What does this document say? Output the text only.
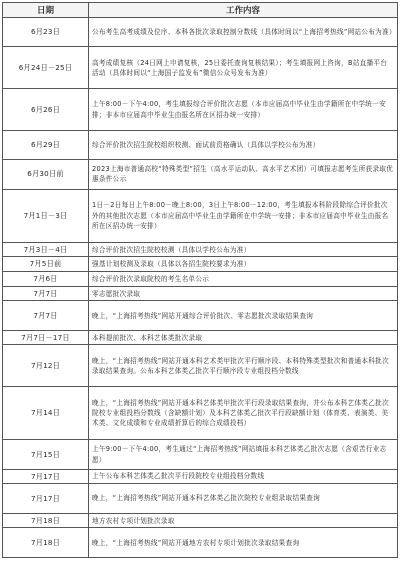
日期	工作内容
6月23日	公布考生高考成绩及位序、本科各批次录取控制分数线（具体时间以“上海招考热线”网站公布为准）
6月24日－25日	高考成绩复核（24日网上申请复核，25日委托查询复核结果）；考生填报网上咨询，B站直播平台活动（具体时间以“上海国子监发布”微信公众号发布为准）
6月26日	上午8:00－下午4:00，考生填报综合评价批次志愿（本市应届高中毕业生由学籍所在中学统一安排；非本市应届高中毕业生由报名所在区招办统一安排）
6月29日	综合评价批次招生院校组织校测、面试前资格确认（具体以学校公布为准）
6月30日前	2023上海市普通高校“特殊类型”招生（高水平运动队、高水平艺术团）可填报志愿考生所获录取优惠条件公示
7月1日－3日	1日－2日每日上午8:00－晚上8:00，3日上午8:00－12:00，考生填报本科阶段除综合评价批次外的其他批次志愿（本市应届高中毕业生由学籍所在中学统一安排；非本市应届高中毕业生由报名所在区招办统一安排）
7月3日－4日	综合评价批次招生院校校测（具体以学校公布为准）
7月5日前	强基计划校测及录取（具体以各招生院校要求为准）
7月6日	综合评价批次录取院校的考生名单公示
7月7日	零志愿批次录取
7月7日	晚上，“上海招考热线”网站开通综合评价批次、零志愿批次录取结果查询
7月7日－17日	本科提前批次、本科艺体类批次录取
7月12日	晚上，“上海招考热线”网站开通本科艺术类甲批次平行顺序段、本科特殊类型批次和普通本科批次录取结果查询。公布本科艺体类乙批次平行顺序段专业组投档分数线
7月14日	晚上，“上海招考热线”网站开通本科艺体类甲批次平行段录取结果查询，并公布本科艺体类乙批次院校专业组投档分数线（含缺额计划）及本科艺体类乙批次平行段缺额计划（体育类、表演类、美术类、文化成绩和专业成绩折算后的综合成绩投档）
7月15日	上午9:00－下午4:00，考生通过“上海招考热线”网站填报本科艺体类乙批次志愿（含艰苦行业志愿）
7月17日	上午公布本科艺体类乙批次平行段院校专业组投档分数线
7月17日	晚上，“上海招考热线”网站开通本科艺体类乙批次院校专业组录取结果查询
7月18日	地方农村专项计划批次录取
7月18日	晚上，“上海招考热线”网站开通地方农村专项计划批次录取结果查询
